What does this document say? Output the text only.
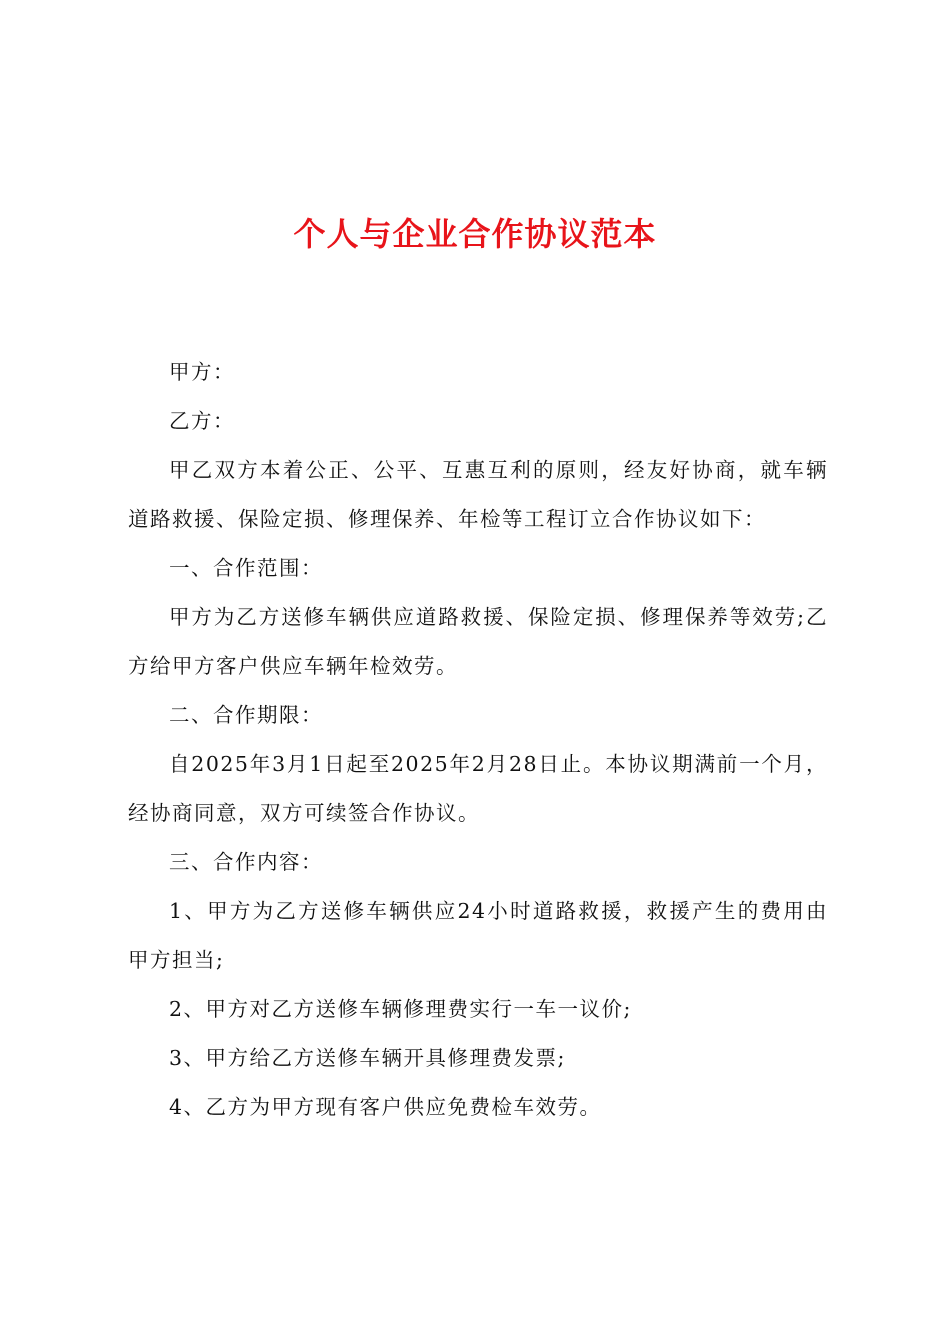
个人与企业合作协议范本

甲方：

乙方：

甲乙双方本着公正、公平、互惠互利的原则，经友好协商，就车辆道路救援、保险定损、修理保养、年检等工程订立合作协议如下：

一、合作范围：

甲方为乙方送修车辆供应道路救援、保险定损、修理保养等效劳;乙方给甲方客户供应车辆年检效劳。

二、合作期限：

自2025年3月1日起至2025年2月28日止。本协议期满前一个月，经协商同意，双方可续签合作协议。

三、合作内容：

1、甲方为乙方送修车辆供应24小时道路救援，救援产生的费用由甲方担当;

2、甲方对乙方送修车辆修理费实行一车一议价;

3、甲方给乙方送修车辆开具修理费发票;

4、乙方为甲方现有客户供应免费检车效劳。
